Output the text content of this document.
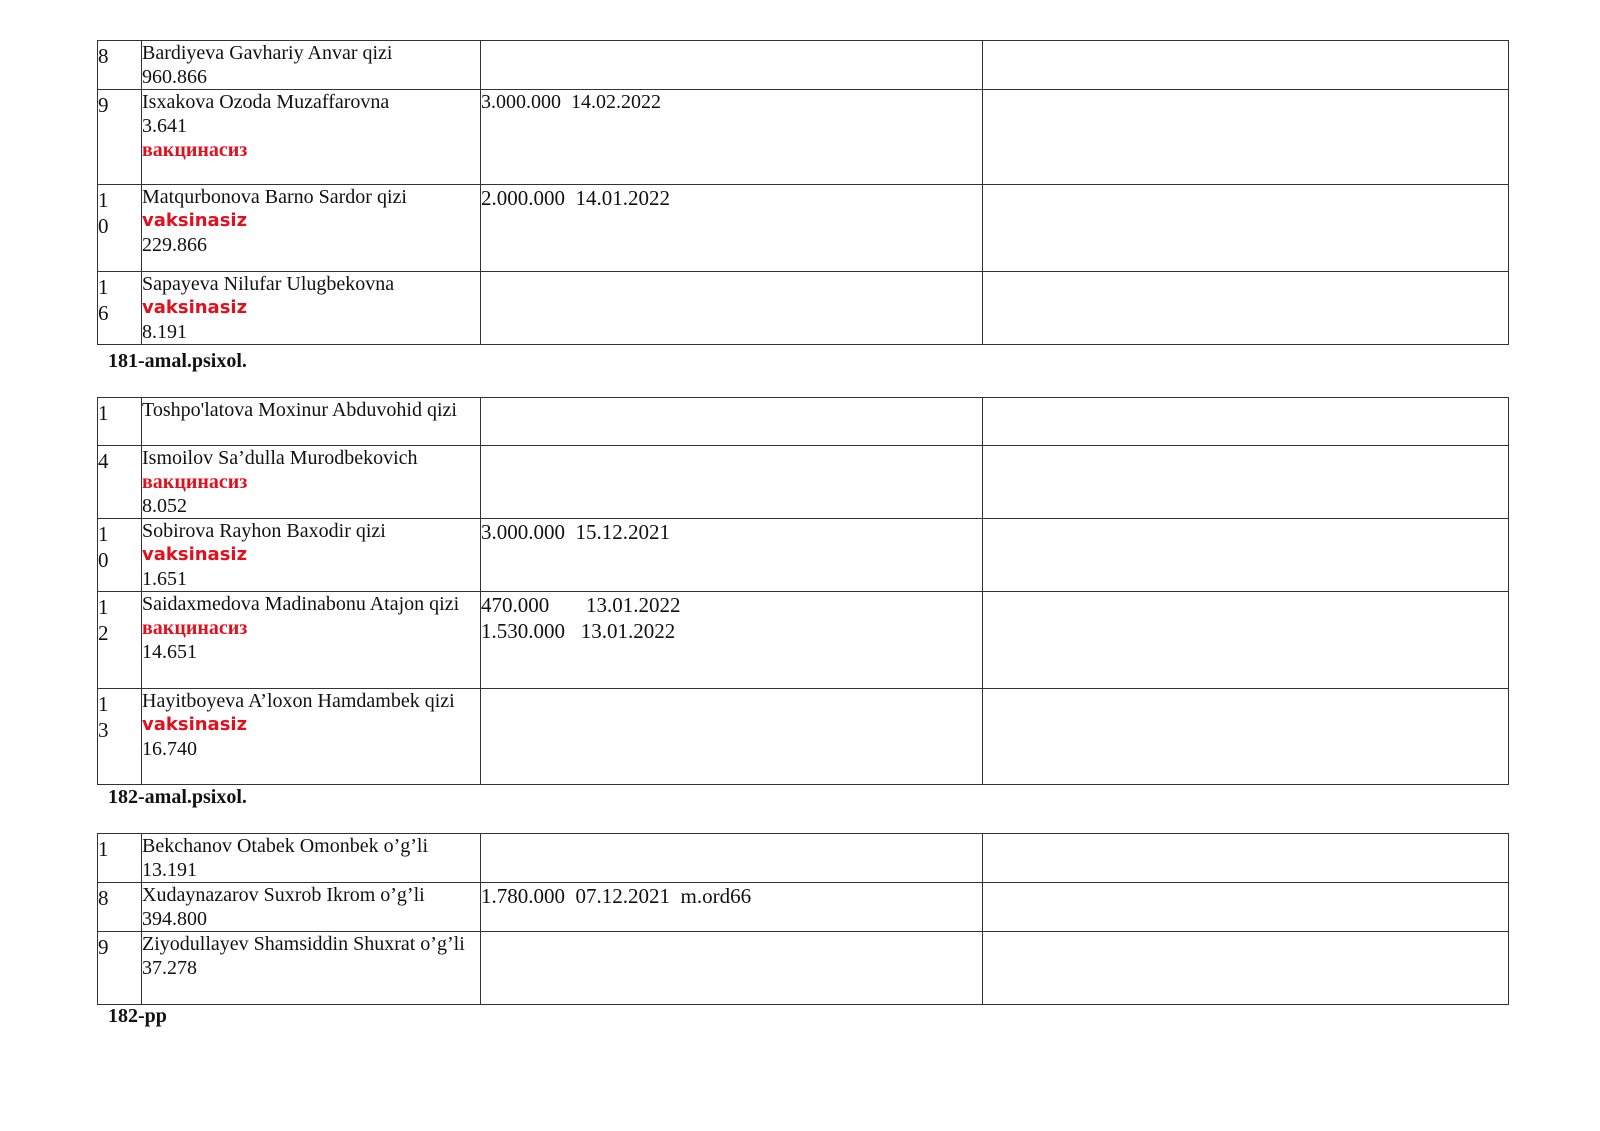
8	Bardiyeva Gavhariy Anvar qizi
960.866		

9	Isxakova Ozoda Muzaffarovna
3.641
вакцинасиз	3.000.000  14.02.2022	

1
0	Matqurbonova Barno Sardor qizi
vaksinasiz
229.866	2.000.000  14.01.2022	

1
6	Sapayeva Nilufar Ulugbekovna
vaksinasiz
8.191		

181-amal.psixol.
1	Toshpo'latova Moxinur Abduvohid qizi		

4	Ismoilov Sa’dulla Murodbekovich
вакцинасиз
8.052		

1
0	Sobirova Rayhon Baxodir qizi
vaksinasiz
1.651	3.000.000  15.12.2021	

1
2	Saidaxmedova Madinabonu Atajon qizi
вакцинасиз
14.651	470.000       13.01.2022
1.530.000   13.01.2022	

1
3	Hayitboyeva A’loxon Hamdambek qizi
vaksinasiz
16.740		

182-amal.psixol.
1	Bekchanov Otabek Omonbek o’g’li
13.191		

8	Xudaynazarov Suxrob Ikrom o’g’li
394.800	1.780.000  07.12.2021  m.ord66	

9	Ziyodullayev Shamsiddin Shuxrat o’g’li
37.278		

182-pp
